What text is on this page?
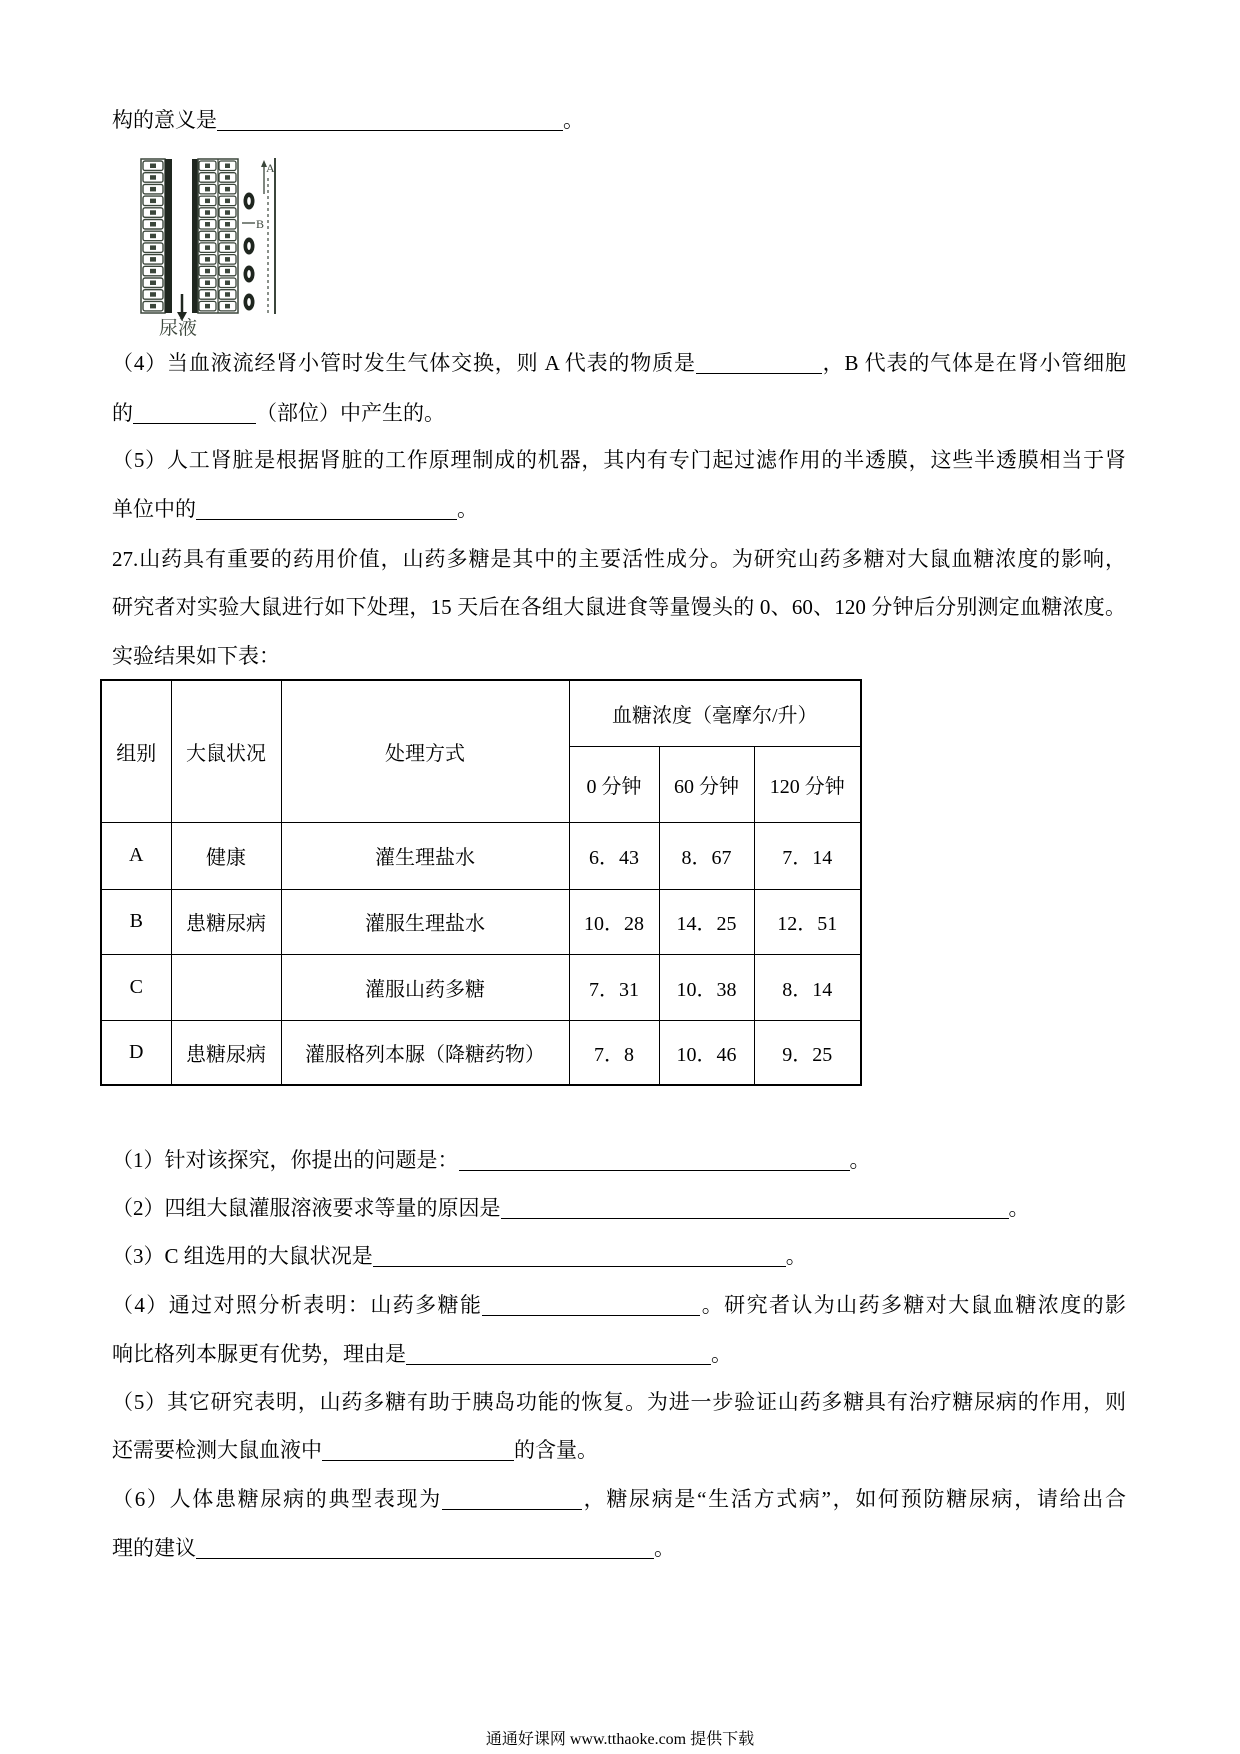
构的意义是	。
A
B
尿液
（4）当血液流经肾小管时发生气体交换，则 A 代表的物质是	，B 代表的气体是在肾小管细胞
的	（部位）中产生的。
（5）人工肾脏是根据肾脏的工作原理制成的机器，其内有专门起过滤作用的半透膜，这些半透膜相当于肾
单位中的	。
27.山药具有重要的药用价值，山药多糖是其中的主要活性成分。为研究山药多糖对大鼠血糖浓度的影响，
研究者对实验大鼠进行如下处理，15 天后在各组大鼠进食等量馒头的 0、60、120 分钟后分别测定血糖浓度。
实验结果如下表：
组别	大鼠状况	处理方式	血糖浓度（毫摩尔/升）		
			0 分钟	60 分钟	120 分钟
A	健康	灌生理盐水	6．43	8．67	7．14
B	患糖尿病	灌服生理盐水	10．28	14．25	12．51
C		灌服山药多糖	7．31	10．38	8．14
D	患糖尿病	灌服格列本脲（降糖药物）	7．8	10．46	9．25
（1）针对该探究，你提出的问题是：	。
（2）四组大鼠灌服溶液要求等量的原因是	。
（3）C 组选用的大鼠状况是	。
（4）通过对照分析表明：山药多糖能	。研究者认为山药多糖对大鼠血糖浓度的影
响比格列本脲更有优势，理由是	。
（5）其它研究表明，山药多糖有助于胰岛功能的恢复。为进一步验证山药多糖具有治疗糖尿病的作用，则
还需要检测大鼠血液中	的含量。
（6）人体患糖尿病的典型表现为	，糖尿病是“生活方式病”，如何预防糖尿病，请给出合
理的建议	。
通通好课网 www.tthaoke.com 提供下载
